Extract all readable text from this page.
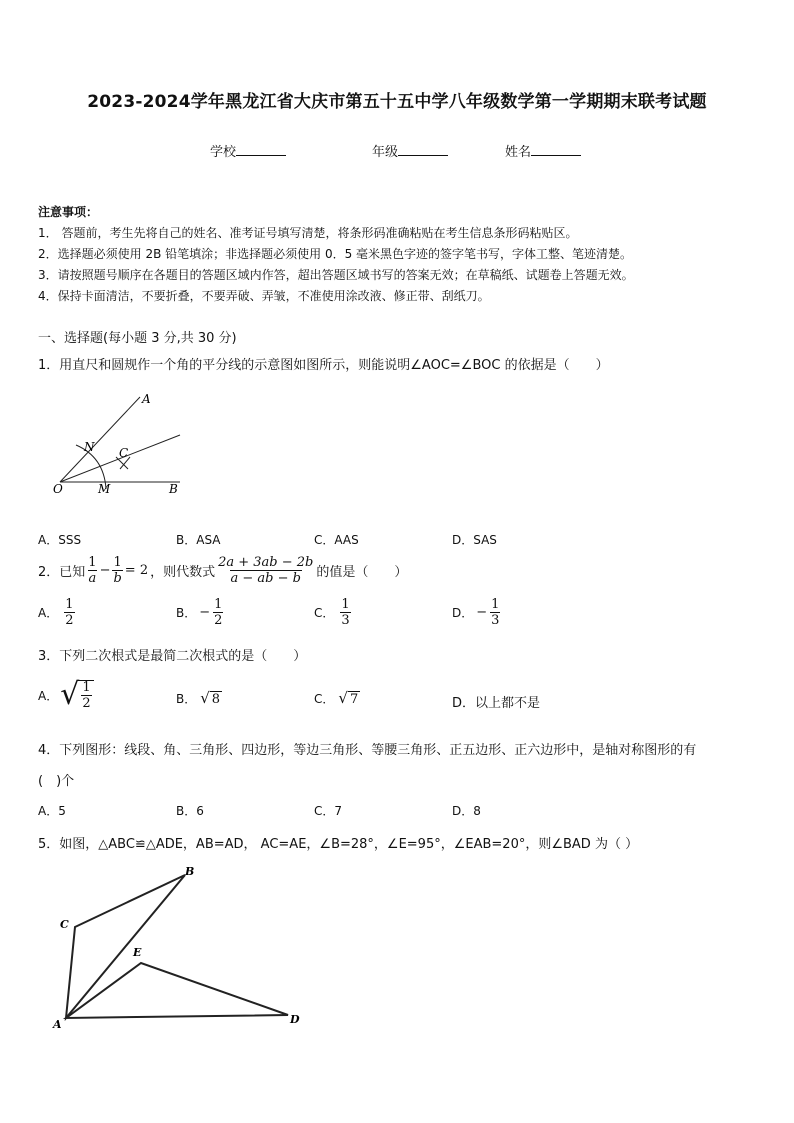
2023-2024学年黑龙江省大庆市第五十五中学八年级数学第一学期期末联考试题
学校	年级	姓名
注意事项：
1． 答题前，考生先将自己的姓名、准考证号填写清楚，将条形码准确粘贴在考生信息条形码粘贴区。
2．选择题必须使用 2B 铅笔填涂；非选择题必须使用 0．5 毫米黑色字迹的签字笔书写，字体工整、笔迹清楚。
3．请按照题号顺序在各题目的答题区域内作答，超出答题区域书写的答案无效；在草稿纸、试题卷上答题无效。
4．保持卡面清洁，不要折叠，不要弄破、弄皱，不准使用涂改液、修正带、刮纸刀。
一、选择题(每小题 3 分,共 30 分)
1．用直尺和圆规作一个角的平分线的示意图如图所示，则能说明∠AOC=∠BOC 的依据是（　　）
A
N C
O	M	B
A．SSS	B．ASA	C．AAS	D．SAS
2．已知 $\frac{1}{a} - \frac{1}{b} = 2$ ，则代数式 $\frac{2a + 3ab - 2b}{a - ab - b}$ 的值是（　　）
A． $\frac{1}{2}$	B． − $\frac{1}{2}$	C． $\frac{1}{3}$	D． − $\frac{1}{3}$
3．下列二次根式是最简二次根式的是（　　）
A． √ $\frac{1}{2}$	B． √ 8	C． √ 7	D．以上都不是
4．下列图形：线段、角、三角形、四边形，等边三角形、等腰三角形、正五边形、正六边形中，是轴对称图形的有
(　)个
A．5	B．6	C．7	D．8
5．如图，△ABC≌△ADE，AB=AD， AC=AE，∠B=28°，∠E=95°，∠EAB=20°，则∠BAD 为（ ）
B
C
E
A	D
